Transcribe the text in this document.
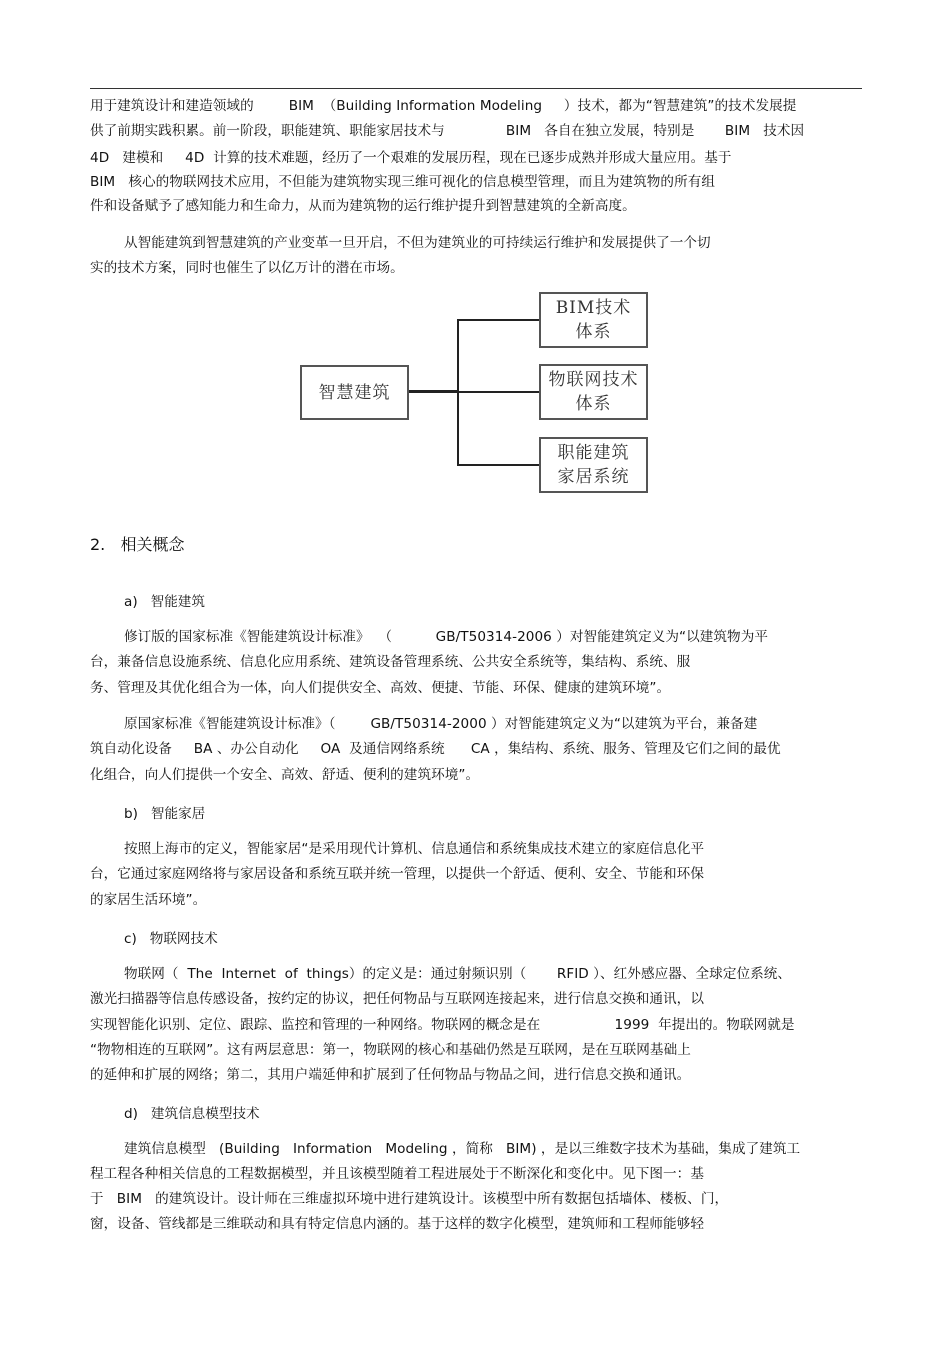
用于建筑设计和建造领域的        BIM  （Building Information Modeling     ）技术，都为“智慧建筑”的技术发展提
供了前期实践积累。前一阶段，职能建筑、职能家居技术与              BIM   各自在独立发展，特别是       BIM   技术因
4D   建模和     4D  计算的技术难题，经历了一个艰难的发展历程，现在已逐步成熟并形成大量应用。基于
BIM   核心的物联网技术应用，不但能为建筑物实现三维可视化的信息模型管理，而且为建筑物的所有组
件和设备赋予了感知能力和生命力，从而为建筑物的运行维护提升到智慧建筑的全新高度。
从智能建筑到智慧建筑的产业变革一旦开启，不但为建筑业的可持续运行维护和发展提供了一个切
实的技术方案，同时也催生了以亿万计的潜在市场。
智慧建筑
BIM技术
体系
物联网技术
体系
职能建筑
家居系统
2.   相关概念
a)   智能建筑
修订版的国家标准《智能建筑设计标准》  （          GB/T50314-2006 ）对智能建筑定义为“以建筑物为平
台，兼备信息设施系统、信息化应用系统、建筑设备管理系统、公共安全系统等，集结构、系统、服
务、管理及其优化组合为一体，向人们提供安全、高效、便捷、节能、环保、健康的建筑环境”。
原国家标准《智能建筑设计标准》（        GB/T50314-2000 ）对智能建筑定义为“以建筑为平台，兼备建
筑自动化设备     BA 、办公自动化     OA  及通信网络系统      CA ，集结构、系统、服务、管理及它们之间的最优
化组合，向人们提供一个安全、高效、舒适、便利的建筑环境”。
b)   智能家居
按照上海市的定义，智能家居“是采用现代计算机、信息通信和系统集成技术建立的家庭信息化平
台，它通过家庭网络将与家居设备和系统互联并统一管理，以提供一个舒适、便利、安全、节能和环保
的家居生活环境”。
c)   物联网技术
物联网（  The  Internet  of  things）的定义是：通过射频识别（       RFID ）、红外感应器、全球定位系统、
激光扫描器等信息传感设备，按约定的协议，把任何物品与互联网连接起来，进行信息交换和通讯，以
实现智能化识别、定位、跟踪、监控和管理的一种网络。物联网的概念是在                 1999  年提出的。物联网就是
“物物相连的互联网”。这有两层意思：第一，物联网的核心和基础仍然是互联网，是在互联网基础上
的延伸和扩展的网络；第二，其用户端延伸和扩展到了任何物品与物品之间，进行信息交换和通讯。
d)   建筑信息模型技术
建筑信息模型   (Building   Information   Modeling ，简称   BIM) ，是以三维数字技术为基础，集成了建筑工
程工程各种相关信息的工程数据模型，并且该模型随着工程进展处于不断深化和变化中。见下图一：基
于   BIM   的建筑设计。设计师在三维虚拟环境中进行建筑设计。该模型中所有数据包括墙体、楼板、门，
窗，设备、管线都是三维联动和具有特定信息内涵的。基于这样的数字化模型，建筑师和工程师能够轻
